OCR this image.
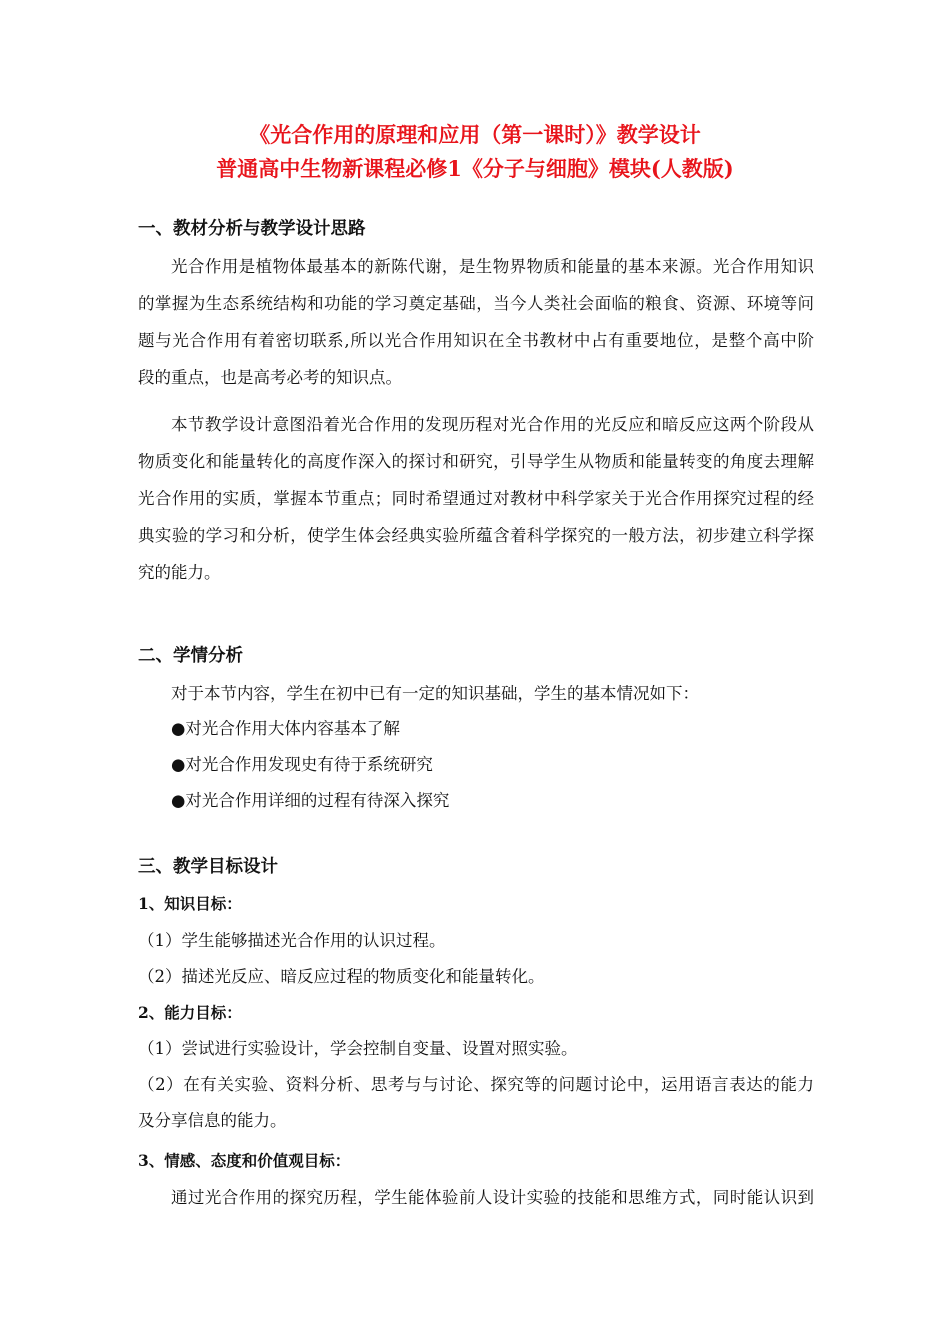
《光合作用的原理和应用（第一课时）》教学设计
普通高中生物新课程必修1《分子与细胞》模块(人教版)
一、教材分析与教学设计思路
光合作用是植物体最基本的新陈代谢，是生物界物质和能量的基本来源。光合作用知识
的掌握为生态系统结构和功能的学习奠定基础，当今人类社会面临的粮食、资源、环境等问
题与光合作用有着密切联系,所以光合作用知识在全书教材中占有重要地位，是整个高中阶
段的重点，也是高考必考的知识点。
本节教学设计意图沿着光合作用的发现历程对光合作用的光反应和暗反应这两个阶段从
物质变化和能量转化的高度作深入的探讨和研究，引导学生从物质和能量转变的角度去理解
光合作用的实质，掌握本节重点；同时希望通过对教材中科学家关于光合作用探究过程的经
典实验的学习和分析，使学生体会经典实验所蕴含着科学探究的一般方法，初步建立科学探
究的能力。
二、学情分析
对于本节内容，学生在初中已有一定的知识基础，学生的基本情况如下：
●对光合作用大体内容基本了解
●对光合作用发现史有待于系统研究
●对光合作用详细的过程有待深入探究
三、教学目标设计
1、知识目标：
（1）学生能够描述光合作用的认识过程。
（2）描述光反应、暗反应过程的物质变化和能量转化。
2、能力目标：
（1）尝试进行实验设计，学会控制自变量、设置对照实验。
（2）在有关实验、资料分析、思考与与讨论、探究等的问题讨论中，运用语言表达的能力
及分享信息的能力。
3、情感、态度和价值观目标：
通过光合作用的探究历程，学生能体验前人设计实验的技能和思维方式，同时能认识到
